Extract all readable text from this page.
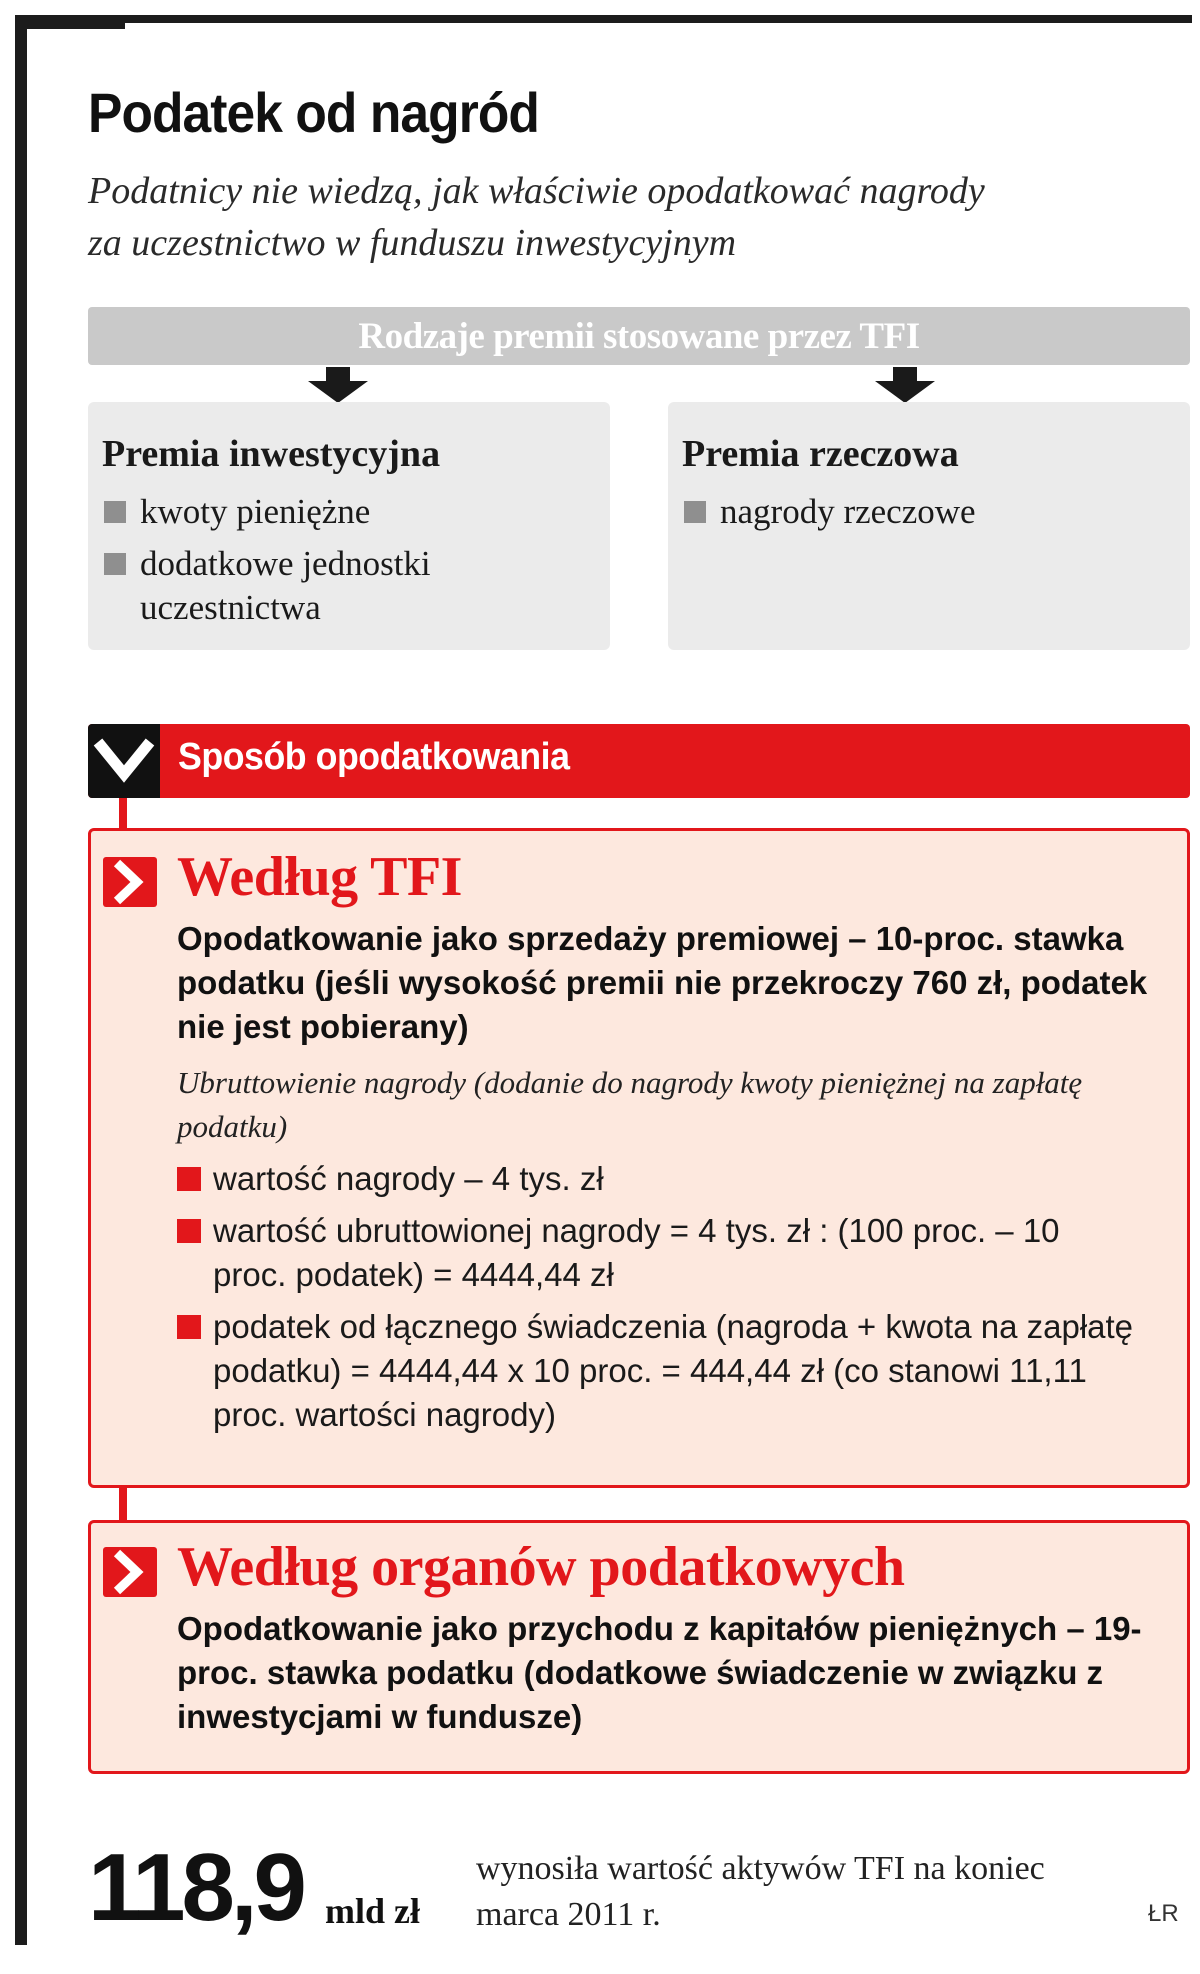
Podatek od nagród
Podatnicy nie wiedzą, jak właściwie opodatkować nagrody
za uczestnictwo w funduszu inwestycyjnym
Rodzaje premii stosowane przez TFI
Premia inwestycyjna
kwoty pieniężne
dodatkowe jednostki uczestnictwa
Premia rzeczowa
nagrody rzeczowe
Sposób opodatkowania
Według TFI
Opodatkowanie jako sprzedaży premiowej – 10-proc. stawka podatku (jeśli wysokość premii nie przekroczy 760 zł, podatek nie jest pobierany)
Ubruttowienie nagrody (dodanie do nagrody kwoty pieniężnej na zapłatę podatku)
wartość nagrody – 4 tys. zł
wartość ubruttowionej nagrody = 4 tys. zł : (100 proc. – 10 proc. podatek) = 4444,44 zł
podatek od łącznego świadczenia (nagroda + kwota na zapłatę podatku) = 4444,44 x 10 proc. = 444,44 zł (co stanowi 11,11 proc. wartości nagrody)
Według organów podatkowych
Opodatkowanie jako przychodu z kapitałów pieniężnych – 19-proc. stawka podatku (dodatkowe świadczenie w związku z inwestycjami w fundusze)
118,9 mld zł
wynosiła wartość aktywów TFI na koniec marca 2011 r.	ŁR
